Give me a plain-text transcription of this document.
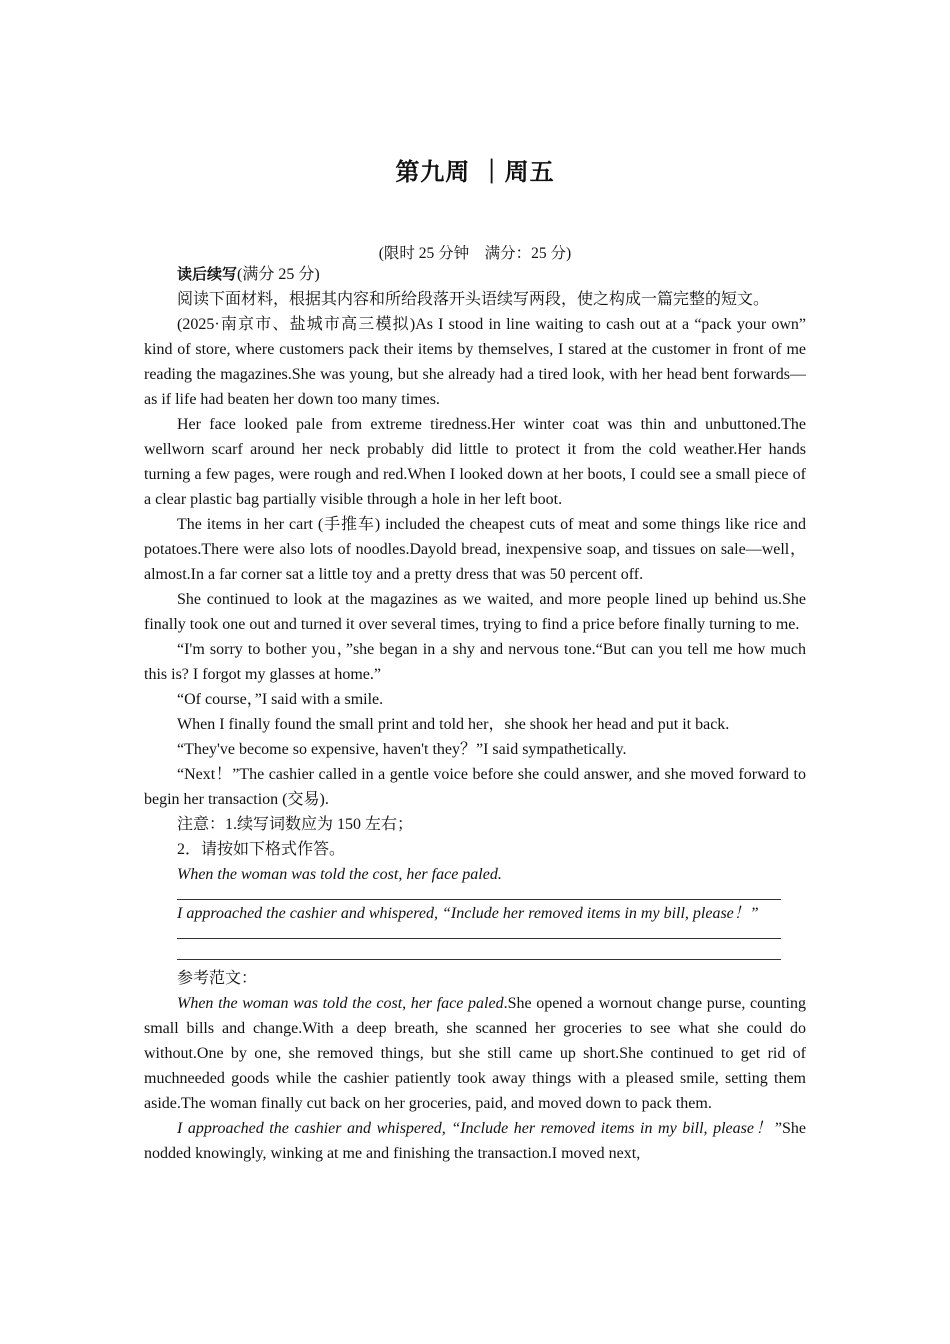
第九周 ｜周五
(限时 25 分钟　满分：25 分)

读后续写(满分 25 分)

阅读下面材料，根据其内容和所给段落开头语续写两段，使之构成一篇完整的短文。

(2025·南京市、盐城市高三模拟)As I stood in line waiting to cash out at a “pack your own” kind of store, where customers pack their items by themselves, I stared at the customer in front of me reading the magazines.She was young, but she already had a tired look, with her head bent forwards—as if life had beaten her down too many times.

Her face looked pale from extreme tiredness.Her winter coat was thin and unbuttoned.The wellworn scarf around her neck probably did little to protect it from the cold weather.Her hands turning a few pages, were rough and red.When I looked down at her boots, I could see a small piece of a clear plastic bag partially visible through a hole in her left boot.

The items in her cart (手推车) included the cheapest cuts of meat and some things like rice and potatoes.There were also lots of noodles.Dayold bread, inexpensive soap, and tissues on sale—well，almost.In a far corner sat a little toy and a pretty dress that was 50 percent off.

She continued to look at the magazines as we waited, and more people lined up behind us.She finally took one out and turned it over several times, trying to find a price before finally turning to me.

“I'm sorry to bother you，”she began in a shy and nervous tone.“But can you tell me how much this is? I forgot my glasses at home.”

“Of course，”I said with a smile.

When I finally found the small print and told her，she shook her head and put it back.

“They've become so expensive, haven't they？”I said sympathetically.

“Next！”The cashier called in a gentle voice before she could answer, and she moved forward to begin her transaction (交易).

注意：1.续写词数应为 150 左右；

2．请按如下格式作答。

When the woman was told the cost, her face paled.

I approached the cashier and whispered, “Include her removed items in my bill, please！”

参考范文：

When the woman was told the cost, her face paled.She opened a wornout change purse, counting small bills and change.With a deep breath, she scanned her groceries to see what she could do without.One by one, she removed things, but she still came up short.She continued to get rid of muchneeded goods while the cashier patiently took away things with a pleased smile, setting them aside.The woman finally cut back on her groceries, paid, and moved down to pack them.

I approached the cashier and whispered, “Include her removed items in my bill, please！”She nodded knowingly, winking at me and finishing the transaction.I moved next,
